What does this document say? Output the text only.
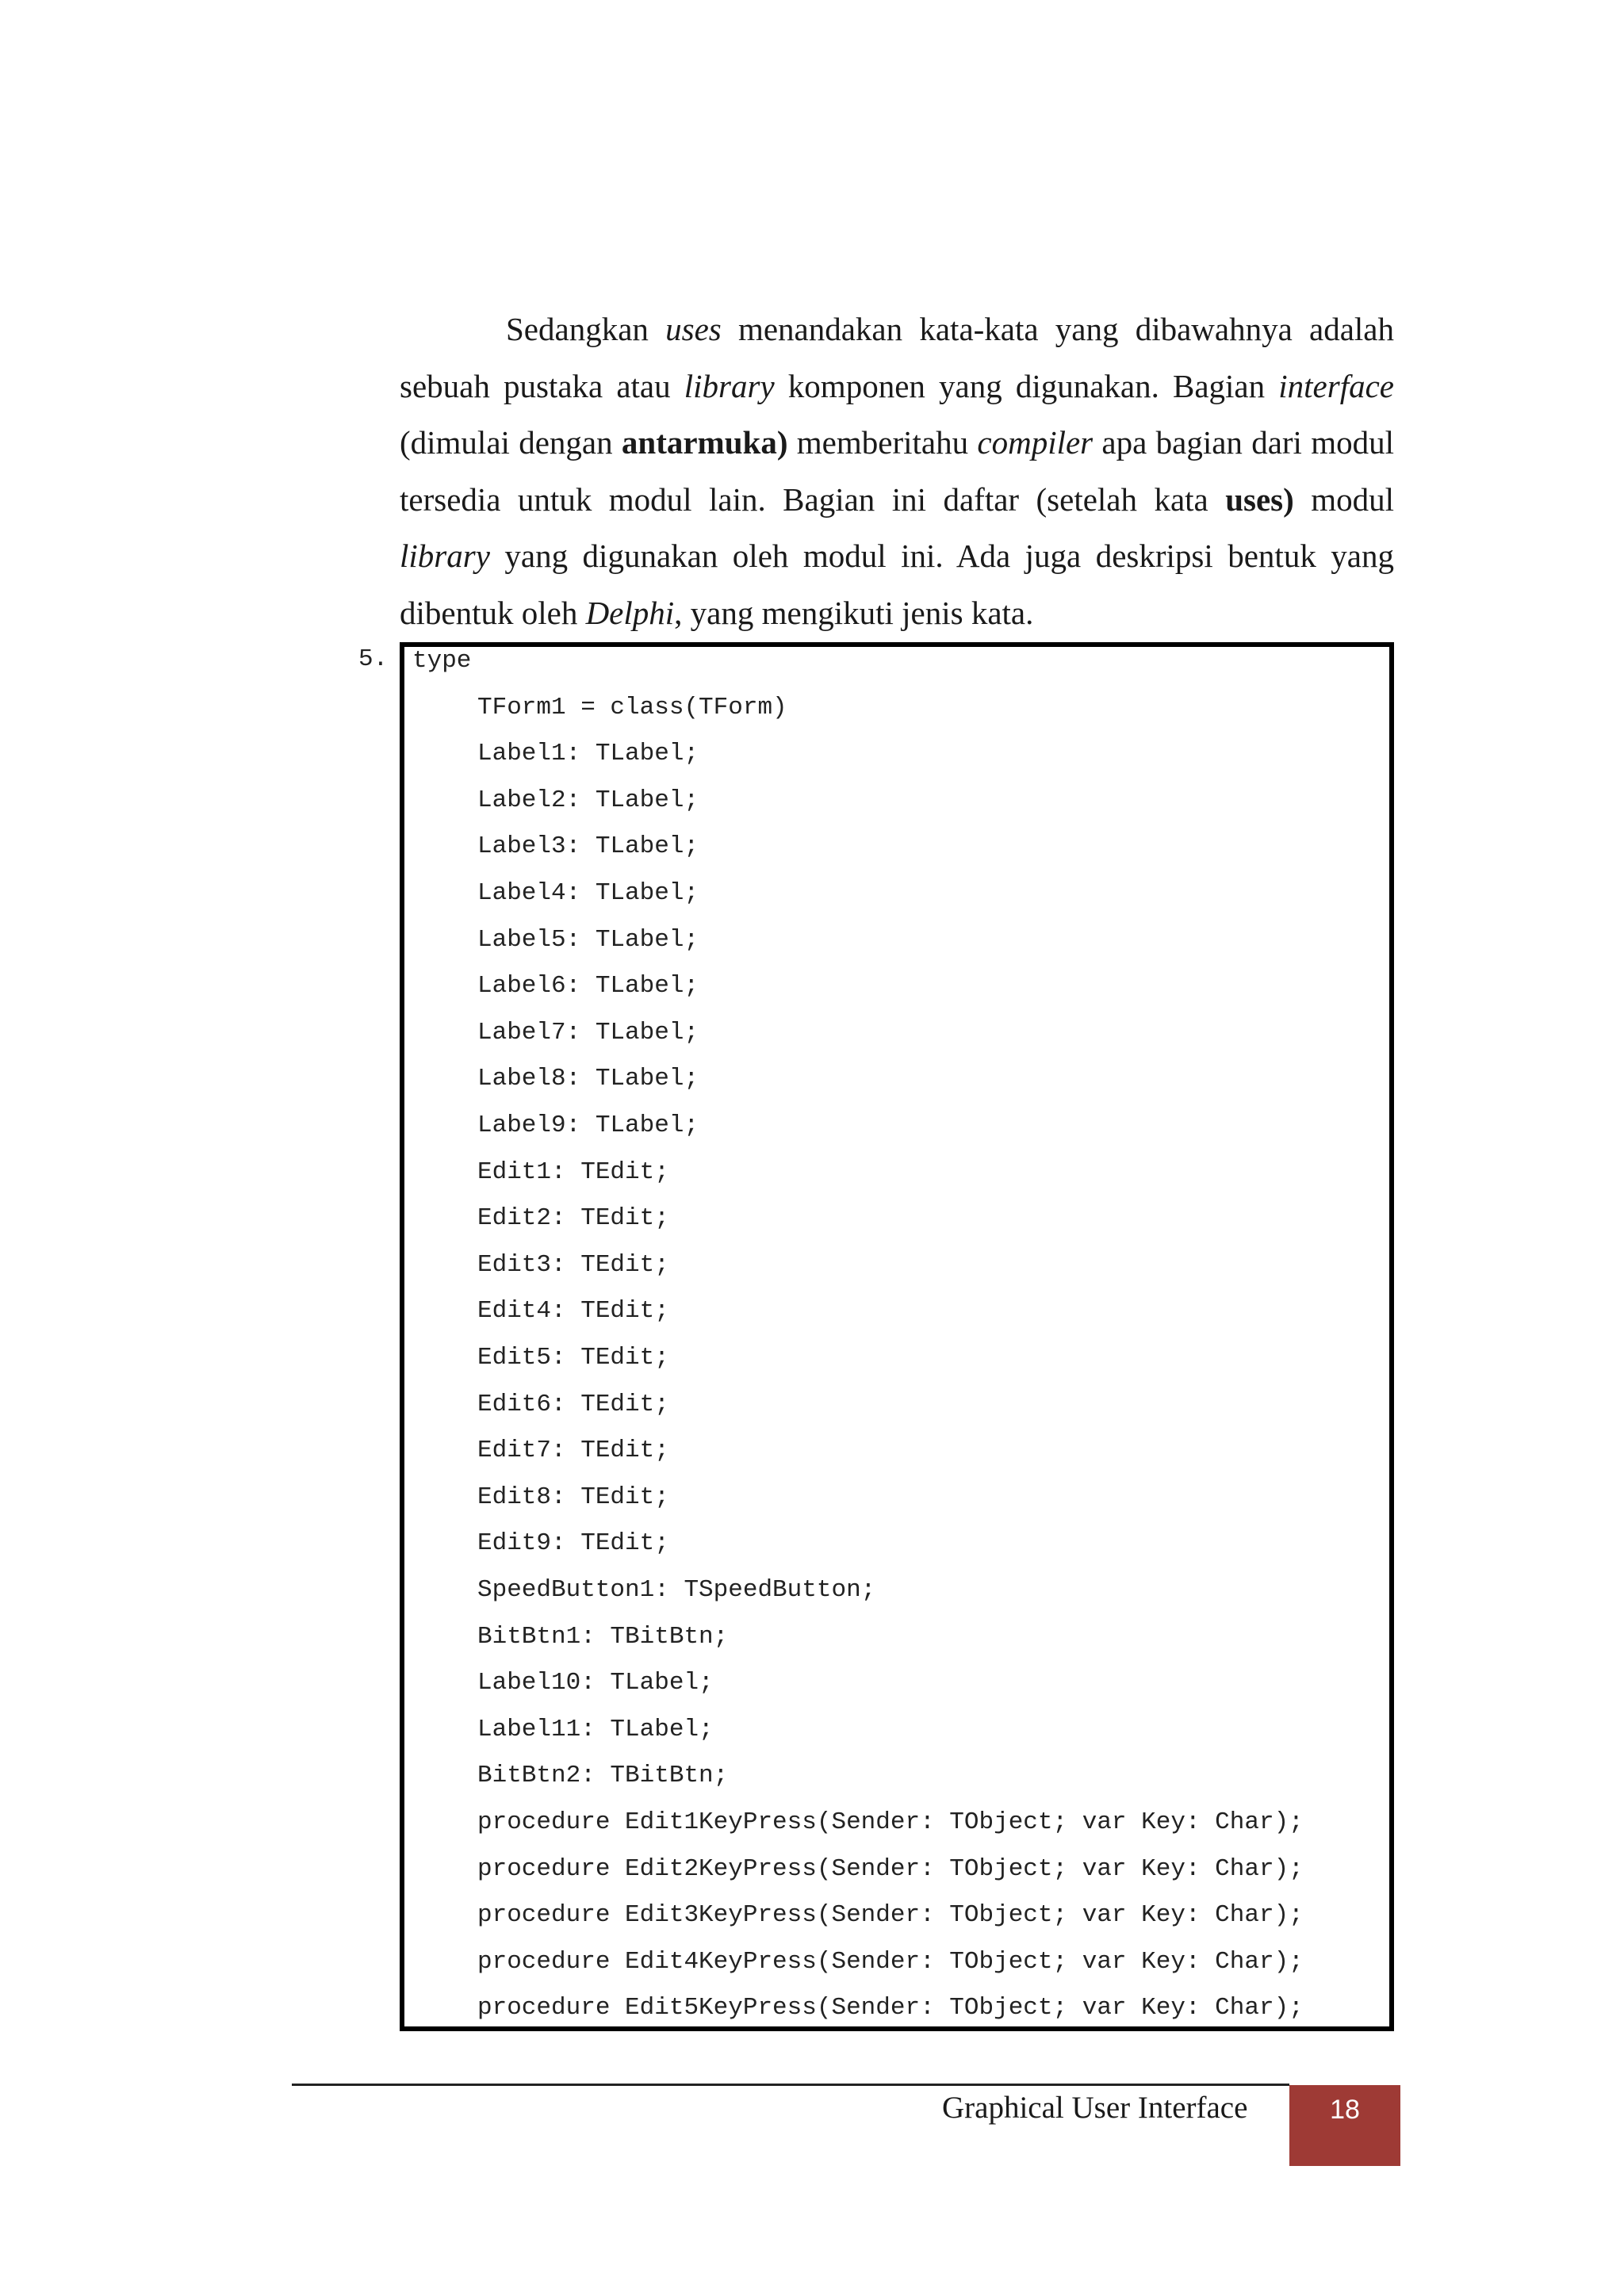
Sedangkan uses menandakan kata-kata yang dibawahnya adalah sebuah pustaka atau library komponen yang digunakan. Bagian interface (dimulai dengan antarmuka) memberitahu compiler apa bagian dari modul tersedia untuk modul lain. Bagian ini daftar (setelah kata uses) modul library yang digunakan oleh modul ini. Ada juga deskripsi bentuk yang dibentuk oleh Delphi, yang mengikuti jenis kata.

5. type
TForm1 = class(TForm)
Label1: TLabel;
Label2: TLabel;
Label3: TLabel;
Label4: TLabel;
Label5: TLabel;
Label6: TLabel;
Label7: TLabel;
Label8: TLabel;
Label9: TLabel;
Edit1: TEdit;
Edit2: TEdit;
Edit3: TEdit;
Edit4: TEdit;
Edit5: TEdit;
Edit6: TEdit;
Edit7: TEdit;
Edit8: TEdit;
Edit9: TEdit;
SpeedButton1: TSpeedButton;
BitBtn1: TBitBtn;
Label10: TLabel;
Label11: TLabel;
BitBtn2: TBitBtn;
procedure Edit1KeyPress(Sender: TObject; var Key: Char);
procedure Edit2KeyPress(Sender: TObject; var Key: Char);
procedure Edit3KeyPress(Sender: TObject; var Key: Char);
procedure Edit4KeyPress(Sender: TObject; var Key: Char);
procedure Edit5KeyPress(Sender: TObject; var Key: Char);
Graphical User Interface	18
